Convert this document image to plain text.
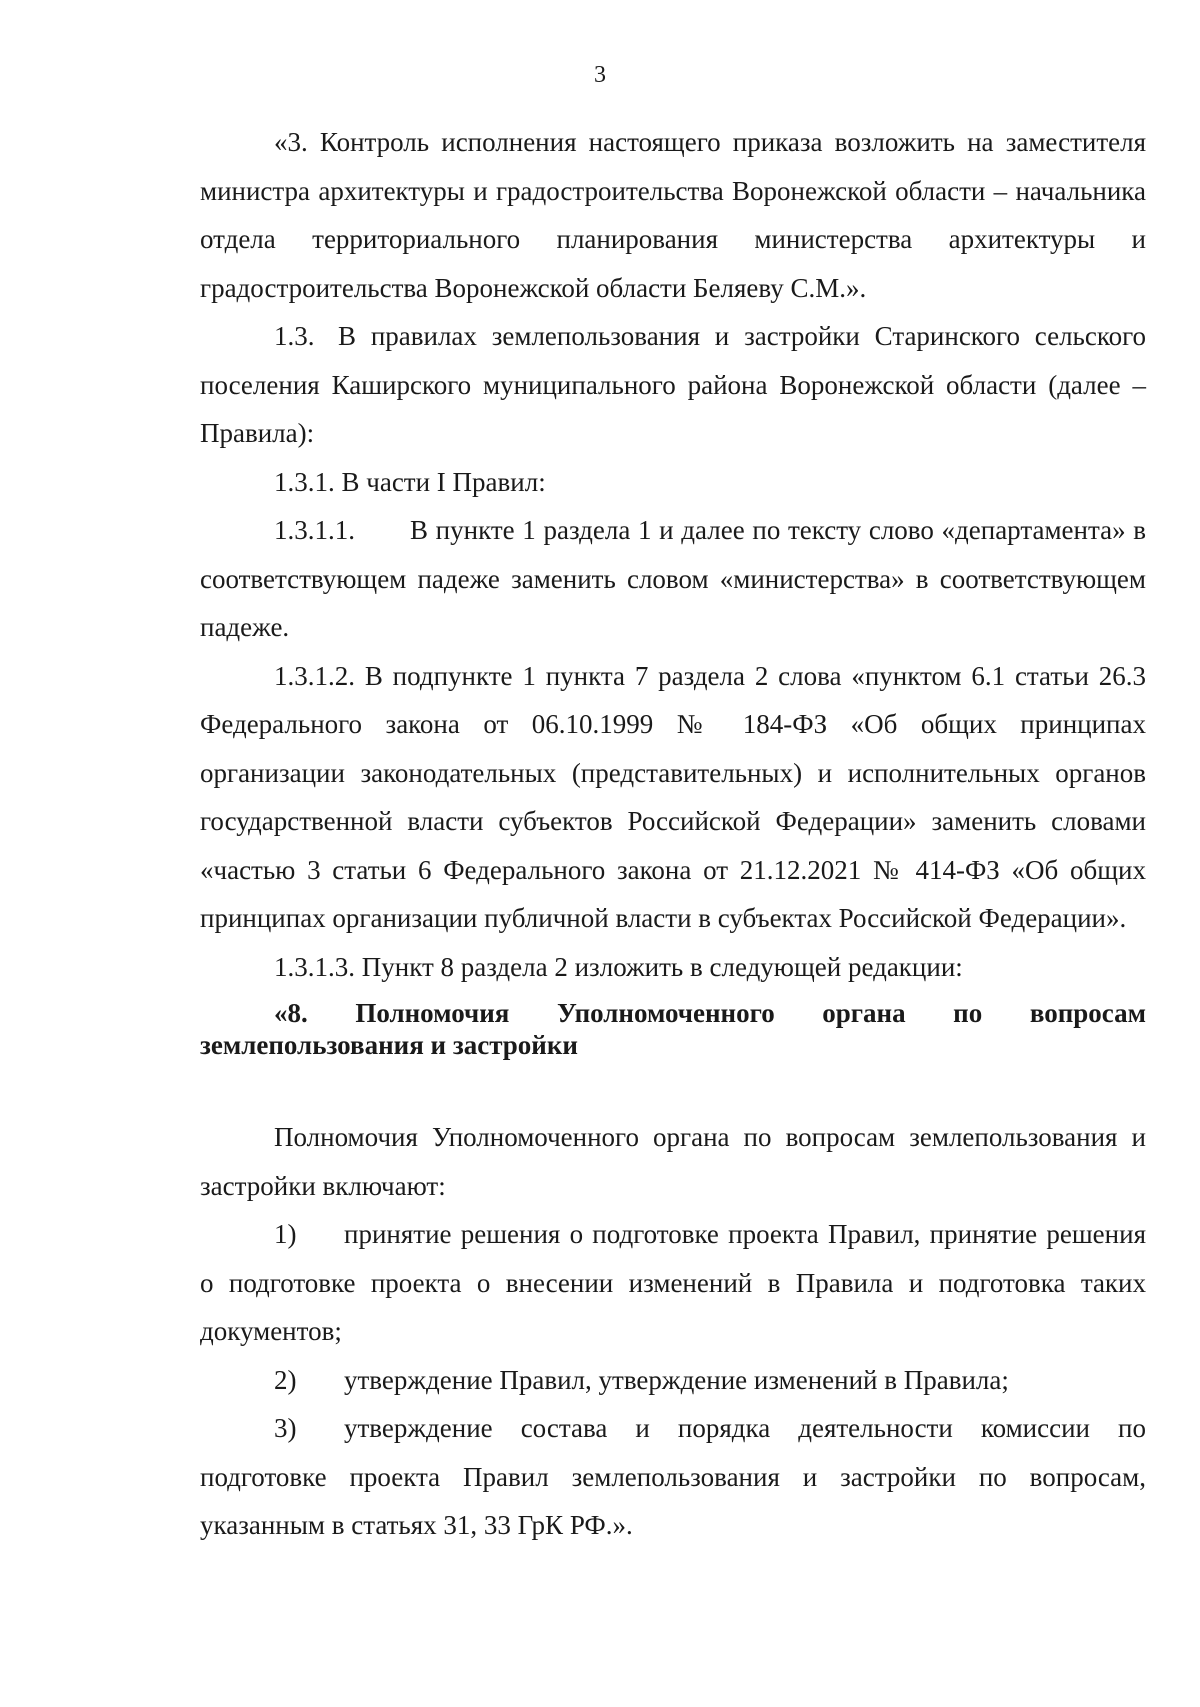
3

«3. Контроль исполнения настоящего приказа возложить на заместителя министра архитектуры и градостроительства Воронежской области – начальника отдела территориального планирования министерства архитектуры и градостроительства Воронежской области Беляеву С.М.».

1.3. В правилах землепользования и застройки Старинского сельского поселения Каширского муниципального района Воронежской области (далее – Правила):

1.3.1. В части I Правил:

1.3.1.1. В пункте 1 раздела 1 и далее по тексту слово «департамента» в соответствующем падеже заменить словом «министерства» в соответствующем падеже.

1.3.1.2. В подпункте 1 пункта 7 раздела 2 слова «пунктом 6.1 статьи 26.3 Федерального закона от 06.10.1999 № 184-ФЗ «Об общих принципах организации законодательных (представительных) и исполнительных органов государственной власти субъектов Российской Федерации» заменить словами «частью 3 статьи 6 Федерального закона от 21.12.2021 № 414-ФЗ «Об общих принципах организации публичной власти в субъектах Российской Федерации».

1.3.1.3. Пункт 8 раздела 2 изложить в следующей редакции:

«8. Полномочия Уполномоченного органа по вопросам землепользования и застройки

Полномочия Уполномоченного органа по вопросам землепользования и застройки включают:

1) принятие решения о подготовке проекта Правил, принятие решения о подготовке проекта о внесении изменений в Правила и подготовка таких документов;

2) утверждение Правил, утверждение изменений в Правила;

3) утверждение состава и порядка деятельности комиссии по подготовке проекта Правил землепользования и застройки по вопросам, указанным в статьях 31, 33 ГрК РФ.».
